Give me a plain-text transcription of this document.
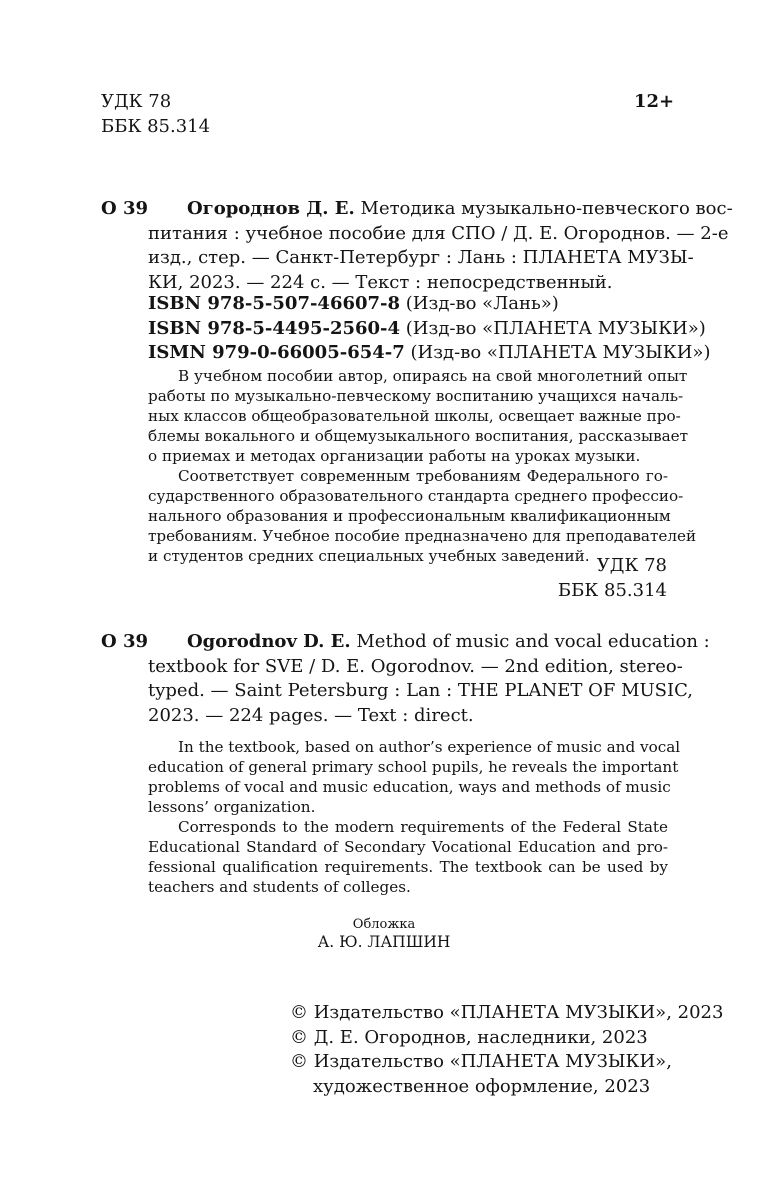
УДК 78
ББК 85.314
12+
О 39 Огороднов Д. Е. Методика музыкально-певческого вос-
питания : учебное пособие для СПО / Д. Е. Огороднов. — 2-е
изд., стер. — Санкт-Петербург : Лань : ПЛАНЕТА МУЗЫ-
КИ, 2023. — 224 с. — Текст : непосредственный.
ISBN 978-5-507-46607-8 (Изд-во «Лань»)
ISBN 978-5-4495-2560-4 (Изд-во «ПЛАНЕТА МУЗЫКИ»)
ISMN 979-0-66005-654-7 (Изд-во «ПЛАНЕТА МУЗЫКИ»)
В учебном пособии автор, опираясь на свой многолетний опыт
работы по музыкально-певческому воспитанию учащихся началь-
ных классов общеобразовательной школы, освещает важные про-
блемы вокального и общемузыкального воспитания, рассказывает
о приемах и методах организации работы на уроках музыки.
Соответствует современным требованиям Федерального го-
сударственного образовательного стандарта среднего профессио-
нального образования и профессиональным квалификационным
требованиям. Учебное пособие предназначено для преподавателей
и студентов средних специальных учебных заведений. УДК 78
ББК 85.314
О 39 Ogorodnov D. E. Method of music and vocal education :
textbook for SVE / D. E. Ogorodnov. — 2nd edition, stereo-
typed. — Saint Petersburg : Lan : THE PLANET OF MUSIC,
2023. — 224 pages. — Text : direct.
In the textbook, based on author’s experience of music and vocal
education of general primary school pupils, he reveals the important
problems of vocal and music education, ways and methods of music
lessons’ organization.
Corresponds to the modern requirements of the Federal State
Educational Standard of Secondary Vocational Education and pro-
fessional qualification requirements. The textbook can be used by
teachers and students of colleges.
Обложка
А. Ю. ЛАПШИН
© Издательство «ПЛАНЕТА МУЗЫКИ», 2023
© Д. Е. Огороднов, наследники, 2023
© Издательство «ПЛАНЕТА МУЗЫКИ»,
художественное оформление, 2023
